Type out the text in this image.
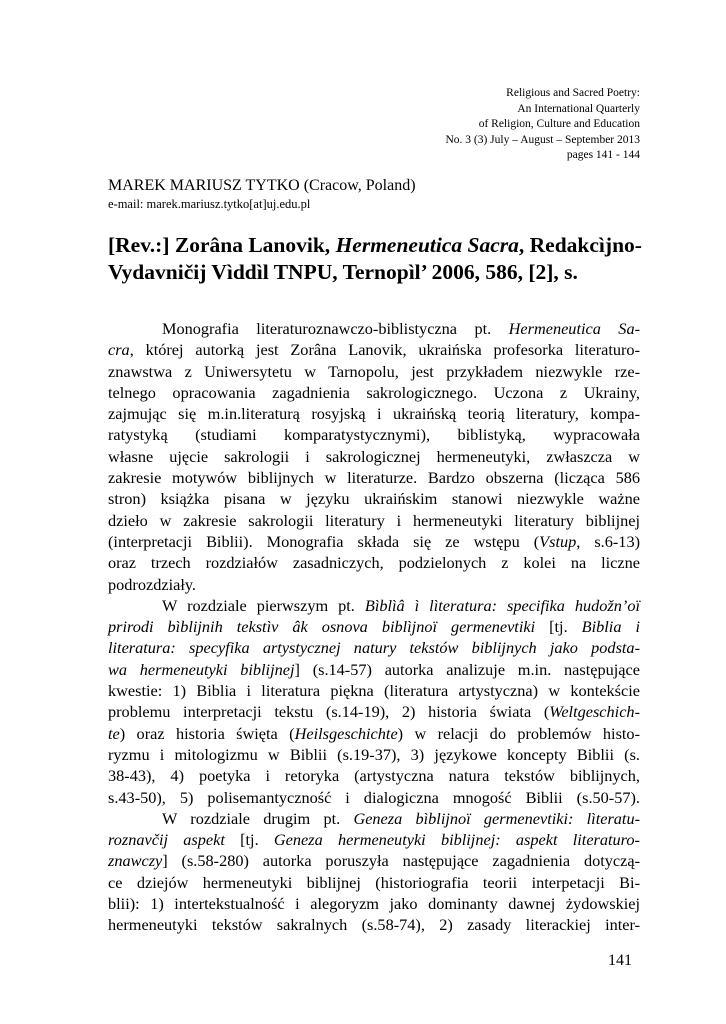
Religious and Sacred Poetry:
An International Quarterly
of Religion, Culture and Education
No. 3 (3) July – August – September 2013
pages 141 - 144
MAREK MARIUSZ TYTKO (Cracow, Poland)
e-mail: marek.mariusz.tytko[at]uj.edu.pl
[Rev.:] Zorâna Lanovik, Hermeneutica Sacra, Redakcìjno-
Vydavničij Vìddìl TNPU, Ternopìl’ 2006, 586, [2], s.
Monografia literaturoznawczo-biblistyczna pt. Hermeneutica Sa-
cra, której autorką jest Zorâna Lanovik, ukraińska profesorka literaturo-
znawstwa z Uniwersytetu w Tarnopolu, jest przykładem niezwykle rze-
telnego opracowania zagadnienia sakrologicznego. Uczona z Ukrainy,
zajmując się m.in.literaturą rosyjską i ukraińską teorią literatury, kompa-
ratystyką (studiami komparatystycznymi), biblistyką, wypracowała
własne ujęcie sakrologii i sakrologicznej hermeneutyki, zwłaszcza w
zakresie motywów biblijnych w literaturze. Bardzo obszerna (licząca 586
stron) książka pisana w języku ukraińskim stanowi niezwykle ważne
dzieło w zakresie sakrologii literatury i hermeneutyki literatury biblijnej
(interpretacji Biblii). Monografia składa się ze wstępu (Vstup, s.6-13)
oraz trzech rozdziałów zasadniczych, podzielonych z kolei na liczne
podrozdziały.
W rozdziale pierwszym pt. Bìblìâ ì lìteratura: specifika hudožn’oï
prirodi bìblijnih tekstìv âk osnova biblìjnoï germenevtiki [tj. Biblia i
literatura: specyfika artystycznej natury tekstów biblijnych jako podsta-
wa hermeneutyki biblijnej] (s.14-57) autorka analizuje m.in. następujące
kwestie: 1) Biblia i literatura piękna (literatura artystyczna) w kontekście
problemu interpretacji tekstu (s.14-19), 2) historia świata (Weltgeschich-
te) oraz historia święta (Heilsgeschichte) w relacji do problemów histo-
ryzmu i mitologizmu w Biblii (s.19-37), 3) językowe koncepty Biblii (s.
38-43), 4) poetyka i retoryka (artystyczna natura tekstów biblijnych,
s.43-50), 5) polisemantyczność i dialogiczna mnogość Biblii (s.50-57).
W rozdziale drugim pt. Geneza bìblijnoï germenevtiki: lìteratu-
roznavčij aspekt [tj. Geneza hermeneutyki biblijnej: aspekt literaturo-
znawczy] (s.58-280) autorka poruszyła następujące zagadnienia dotyczą-
ce dziejów hermeneutyki biblijnej (historiografia teorii interpetacji Bi-
blii): 1) intertekstualność i alegoryzm jako dominanty dawnej żydowskiej
hermeneutyki tekstów sakralnych (s.58-74), 2) zasady literackiej inter-
141
